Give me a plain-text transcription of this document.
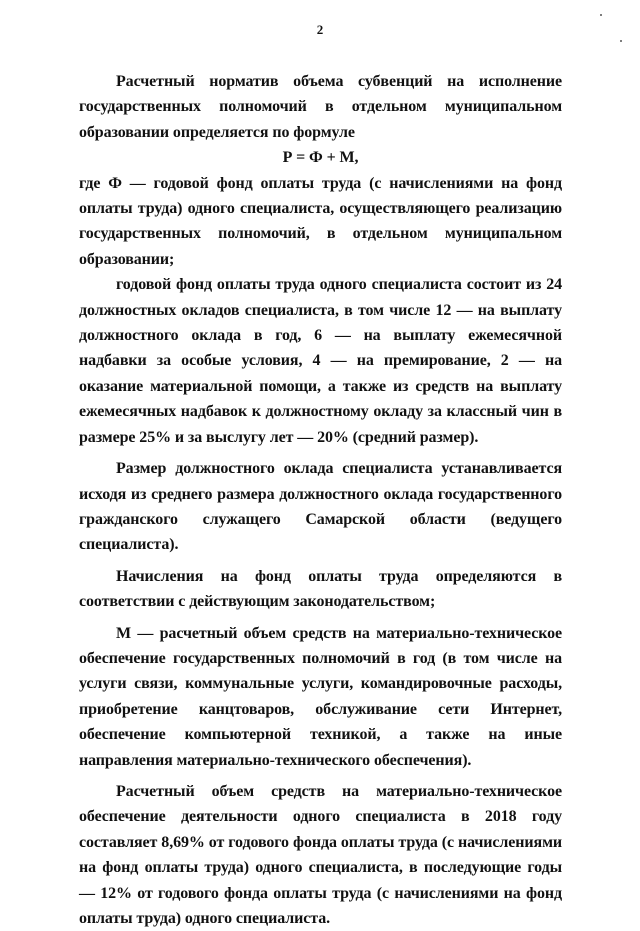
2

Расчетный норматив объема субвенций на исполнение государственных полномочий в отдельном муниципальном образовании определяется по формуле

Р = Ф + М,

где Ф — годовой фонд оплаты труда (с начислениями на фонд оплаты труда) одного специалиста, осуществляющего реализацию государственных полномочий, в отдельном муниципальном образовании;

годовой фонд оплаты труда одного специалиста состоит из 24 должностных окладов специалиста, в том числе 12 — на выплату должностного оклада в год, 6 — на выплату ежемесячной надбавки за особые условия, 4 — на премирование, 2 — на оказание материальной помощи, а также из средств на выплату ежемесячных надбавок к должностному окладу за классный чин в размере 25% и за выслугу лет — 20% (средний размер).

Размер должностного оклада специалиста устанавливается исходя из среднего размера должностного оклада государственного гражданского служащего Самарской области (ведущего специалиста).

Начисления на фонд оплаты труда определяются в соответствии с действующим законодательством;

М — расчетный объем средств на материально-техническое обеспечение государственных полномочий в год (в том числе на услуги связи, коммунальные услуги, командировочные расходы, приобретение канцтоваров, обслуживание сети Интернет, обеспечение компьютерной техникой, а также на иные направления материально-технического обеспечения).

Расчетный объем средств на материально-техническое обеспечение деятельности одного специалиста в 2018 году составляет 8,69% от годового фонда оплаты труда (с начислениями на фонд оплаты труда) одного специалиста, в последующие годы — 12% от годового фонда оплаты труда (с начислениями на фонд оплаты труда) одного специалиста.
